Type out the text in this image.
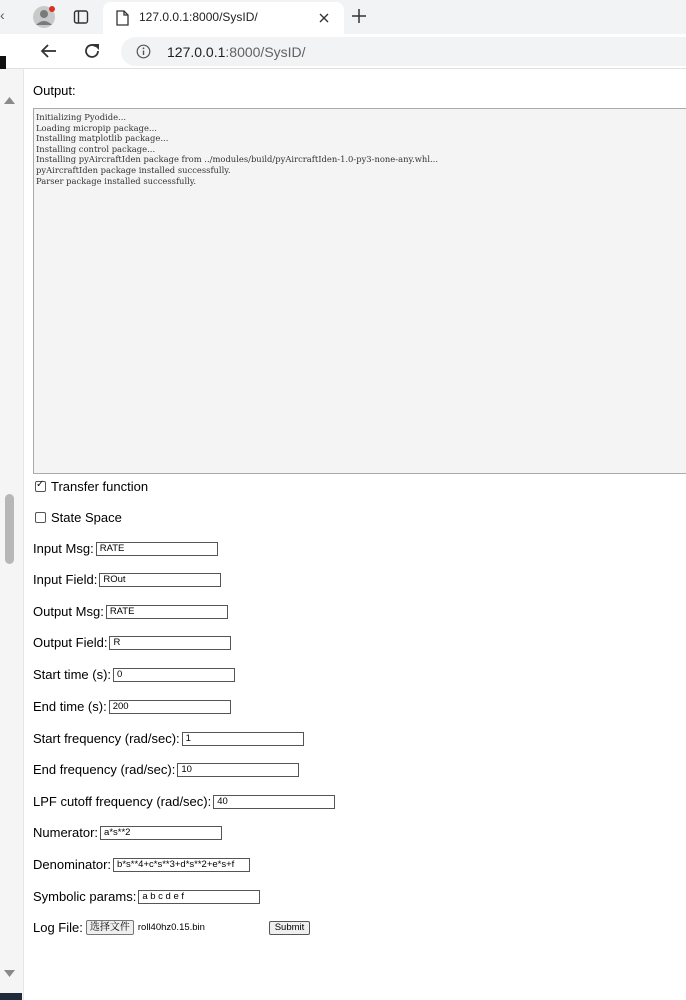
127.0.0.1:8000/SysID/
‹
127.0.0.1:8000/SysID/
Output:
Initializing Pyodide...
Loading micropip package...
Installing matplotlib package...
Installing control package...
Installing pyAircraftIden package from ../modules/build/pyAircraftIden-1.0-py3-none-any.whl...
pyAircraftIden package installed successfully.
Parser package installed successfully.
✓
Transfer function
State Space
Input Msg:
RATE
Input Field:
ROut
Output Msg:
RATE
Output Field:
R
Start time (s):
0
End time (s):
200
Start frequency (rad/sec):
1
End frequency (rad/sec):
10
LPF cutoff frequency (rad/sec):
40
Numerator:
a*s**2
Denominator:
b*s**4+c*s**3+d*s**2+e*s+f
Symbolic params:
a b c d e f
Log File: 选择文件 roll40hz0.15.bin	Submit
